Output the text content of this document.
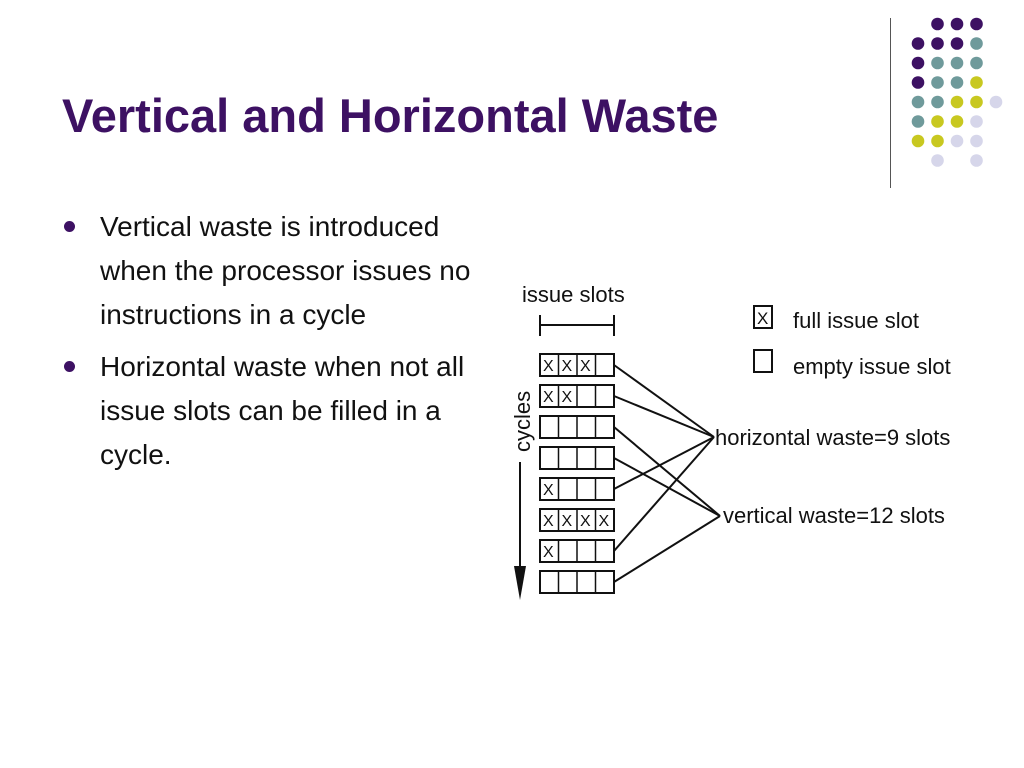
Vertical and Horizontal Waste
Vertical waste is introduced when the processor issues no instructions in a cycle
Horizontal waste when not all issue slots can be filled in a cycle.
issue slots
cycles
X X X
X X
X
X X X X
X
X full issue slot
empty issue slot
horizontal waste=9 slots
vertical waste=12 slots
